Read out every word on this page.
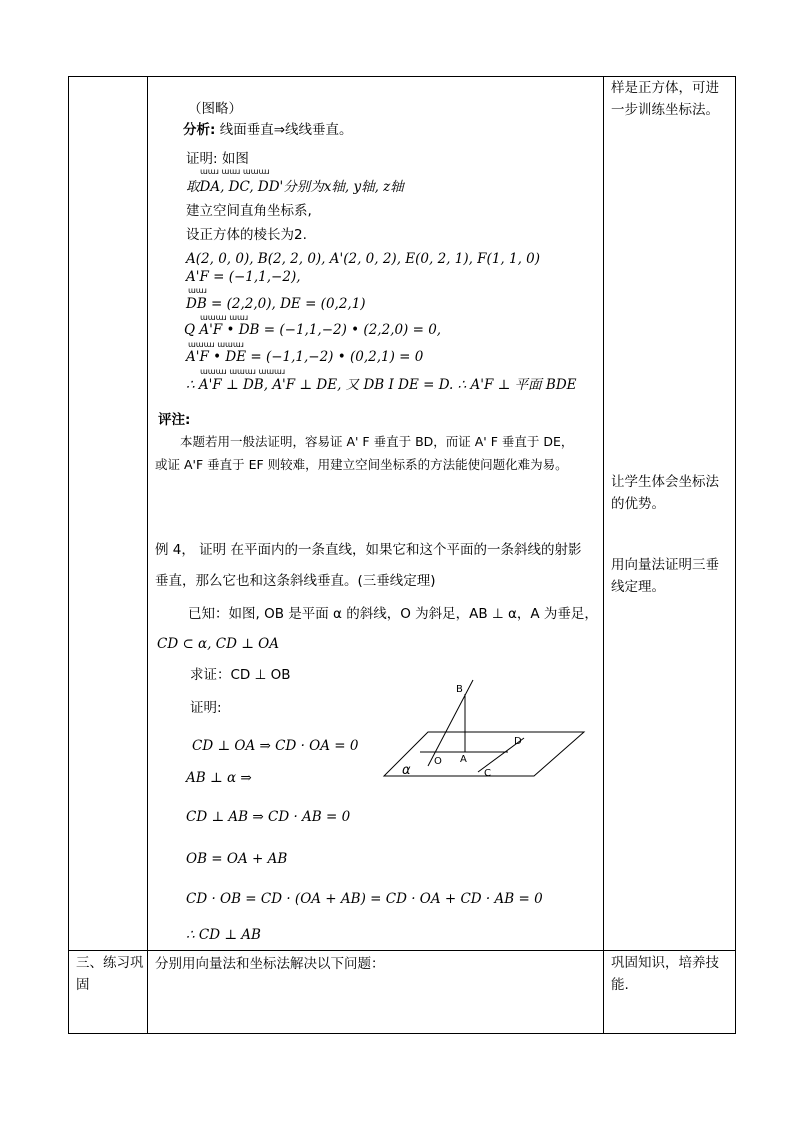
（图略）
分析: 线面垂直⇒线线垂直。
证明: 如图
ɯɯɹ ɯɯɹ ɯɯɯɹ
取DA, DC, DD'分别为x轴, y轴, z轴
建立空间直角坐标系,
设正方体的棱长为2.
A(2, 0, 0), B(2, 2, 0), A'(2, 0, 2), E(0, 2, 1), F(1, 1, 0)
A'F = (−1,1,−2),
ɯɯɹ
DB = (2,2,0), DE = (0,2,1)
ɯɯɯɹ ɯɯɹ
Q A'F • DB = (−1,1,−2) • (2,2,0) = 0,
ɯɯɯɹ ɯɯɯɹ
A'F • DE = (−1,1,−2) • (0,2,1) = 0
ɯɯɯɹ ɯɯɯɹ ɯɯɯɹ
∴ A'F ⊥ DB, A'F ⊥ DE, 又 DB I DE = D. ∴ A'F ⊥ 平面 BDE
评注:
本题若用一般法证明，容易证 A' F 垂直于 BD，而证 A' F 垂直于 DE，
或证 A'F 垂直于 EF 则较难，用建立空间坐标系的方法能使问题化难为易。
例 4， 证明 在平面内的一条直线，如果它和这个平面的一条斜线的射影
垂直，那么它也和这条斜线垂直。(三垂线定理)
已知：如图, OB 是平面 α 的斜线，O 为斜足，AB ⊥ α，A 为垂足，
CD ⊂ α, CD ⊥ OA
求证：CD ⊥ OB
证明:
CD ⊥ OA ⇒ CD · OA = 0
AB ⊥ α ⇒
CD ⊥ AB ⇒ CD · AB = 0
OB = OA + AB
CD · OB = CD · (OA + AB) = CD · OA + CD · AB = 0
∴ CD ⊥ AB
B
D
O A
C
α
样是正方体，可进一步训练坐标法。
让学生体会坐标法的优势。
用向量法证明三垂线定理。
巩固知识，培养技能.
三、练习巩固
分别用向量法和坐标法解决以下问题：
